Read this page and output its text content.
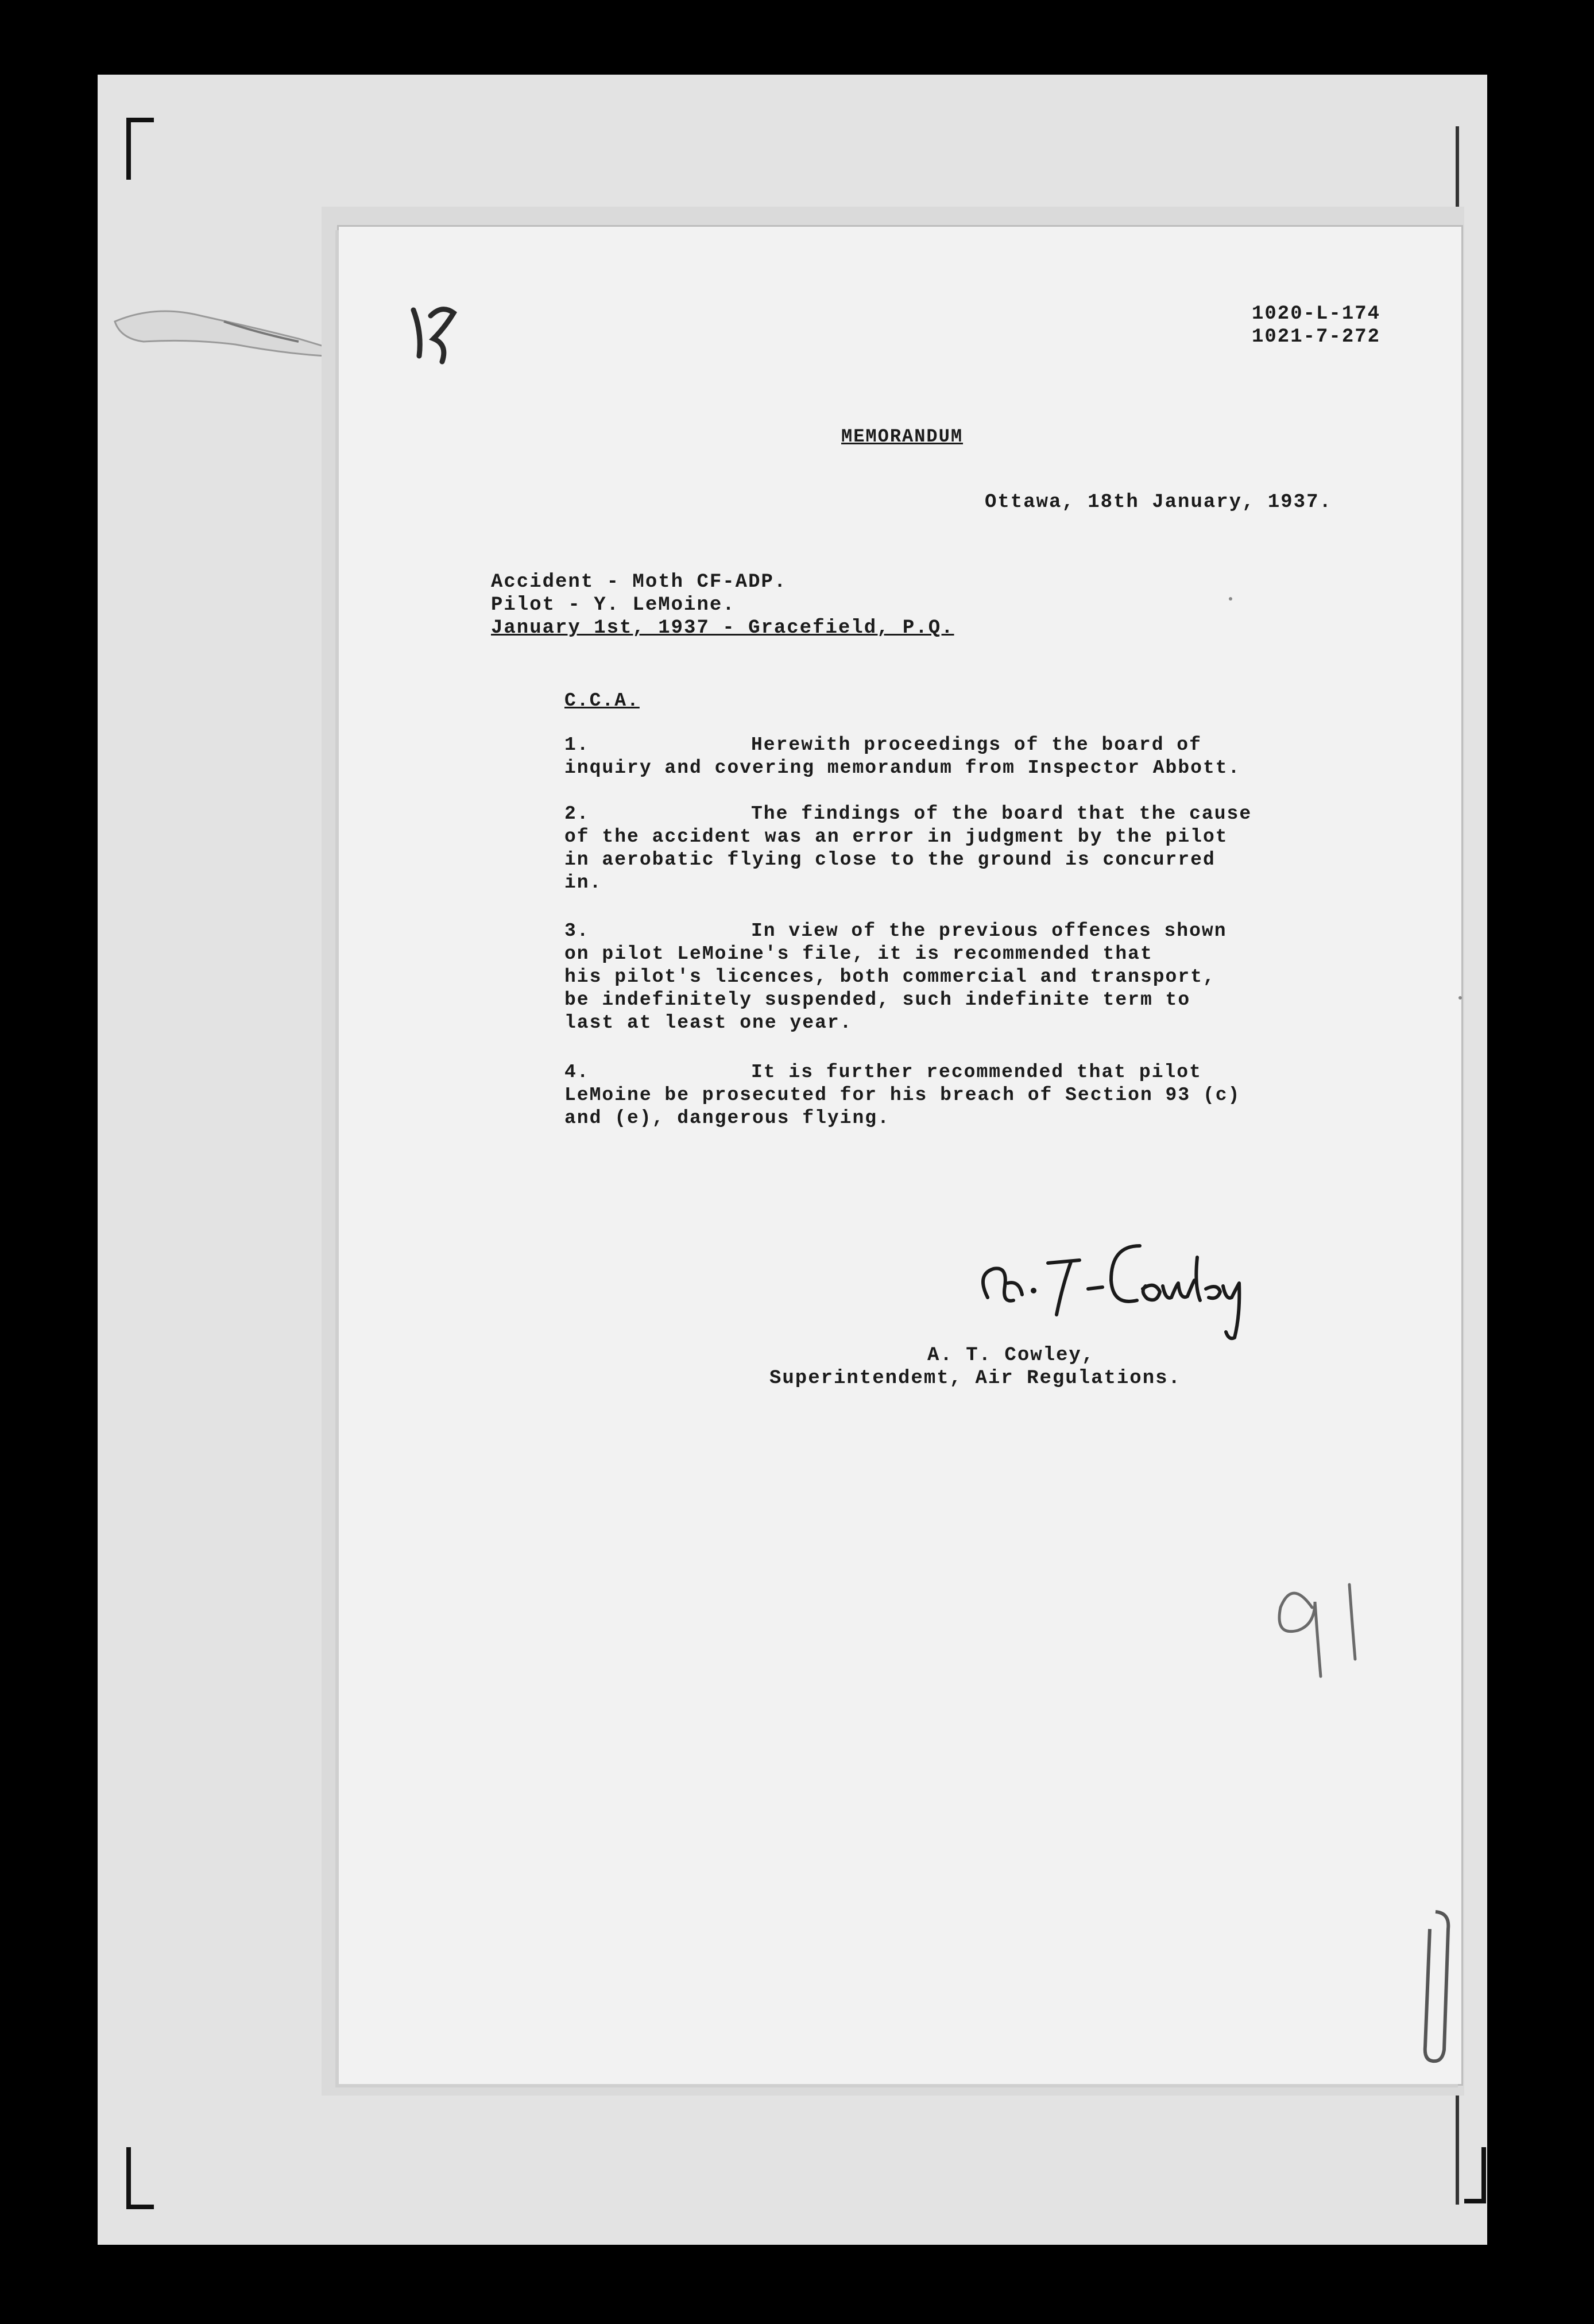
1020-L-174
1021-7-272
MEMORANDUM
Ottawa, 18th January, 1937.
Accident - Moth CF-ADP.
Pilot - Y. LeMoine.
January 1st, 1937 - Gracefield, P.Q.
C.C.A.
1.	Herewith proceedings of the board of
inquiry and covering memorandum from Inspector Abbott.
2.	The findings of the board that the cause
of the accident was an error in judgment by the pilot
in aerobatic flying close to the ground is concurred
in.
3.	In view of the previous offences shown
on pilot LeMoine's file, it is recommended that
his pilot's licences, both commercial and transport,
be indefinitely suspended, such indefinite term to
last at least one year.
4.	It is further recommended that pilot
LeMoine be prosecuted for his breach of Section 93 (c)
and (e), dangerous flying.
A. T. Cowley,
Superintendemt, Air Regulations.
